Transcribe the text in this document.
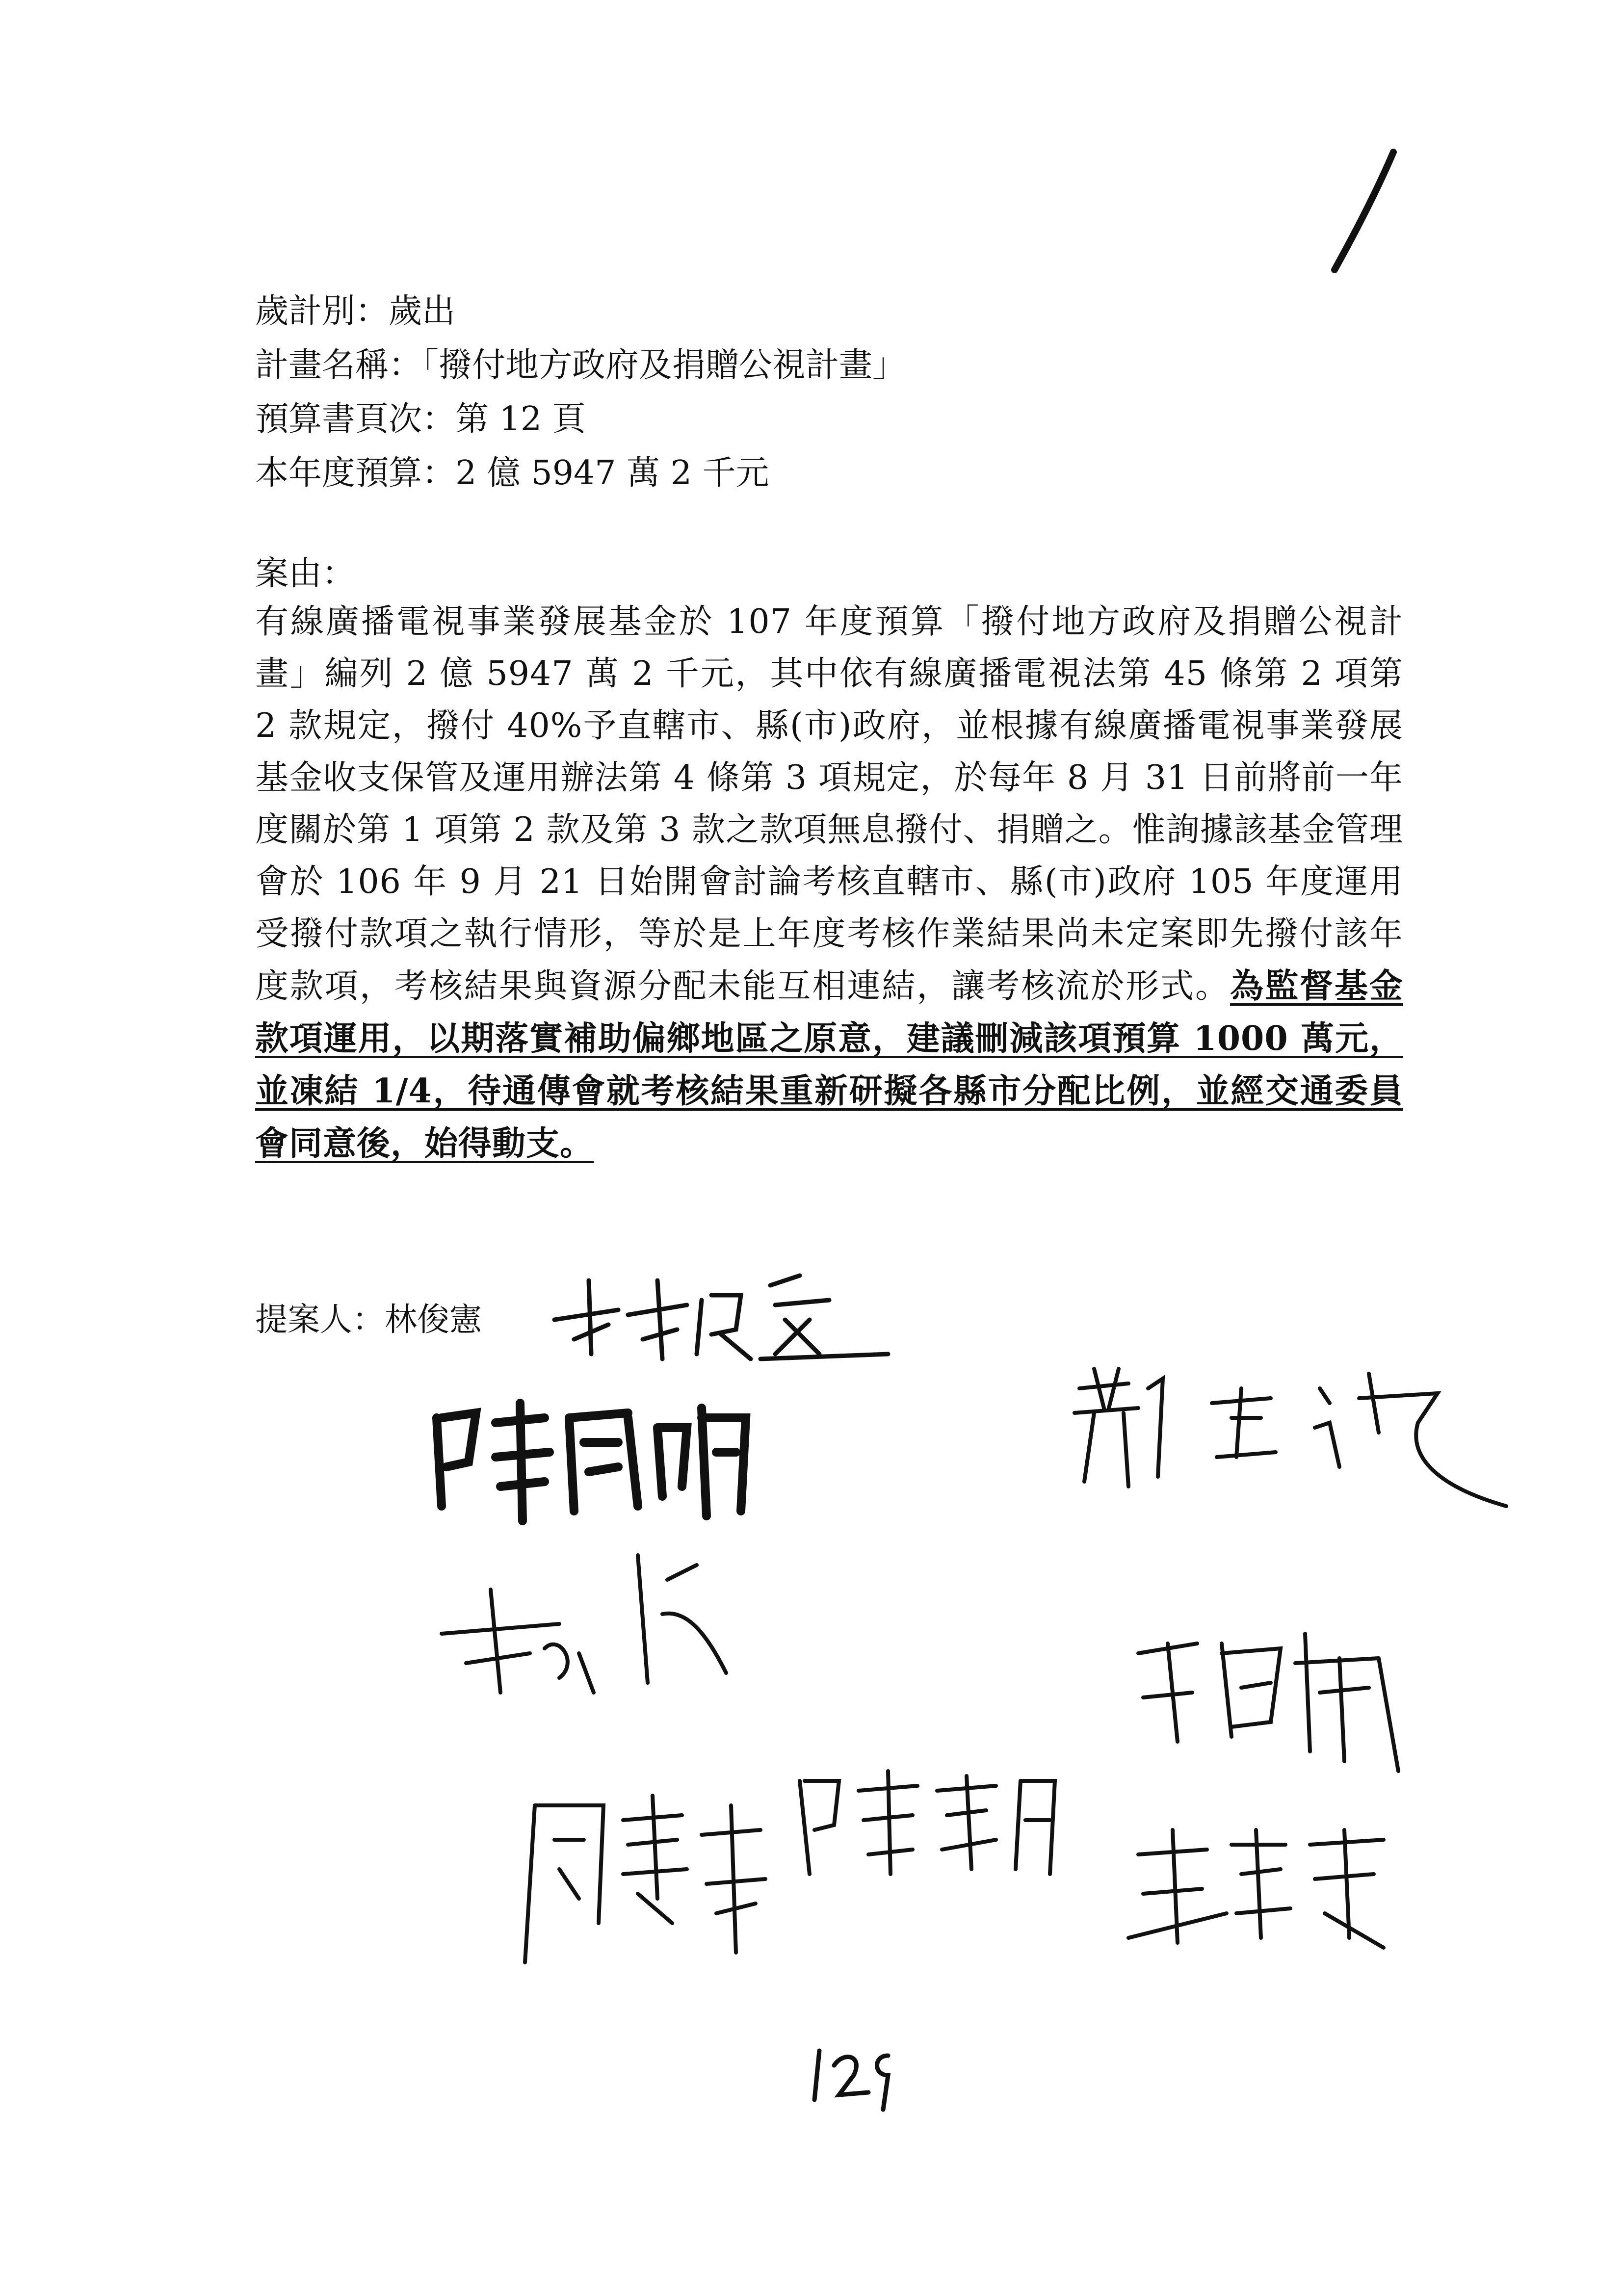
歲計別：歲出
計畫名稱：「撥付地方政府及捐贈公視計畫」
預算書頁次：第 12 頁
本年度預算：2 億 5947 萬 2 千元
案由：
有線廣播電視事業發展基金於 107 年度預算「撥付地方政府及捐贈公視計畫」編列 2 億 5947 萬 2 千元，其中依有線廣播電視法第 45 條第 2 項第 2 款規定，撥付 40%予直轄市、縣(市)政府，並根據有線廣播電視事業發展基金收支保管及運用辦法第 4 條第 3 項規定，於每年 8 月 31 日前將前一年度關於第 1 項第 2 款及第 3 款之款項無息撥付、捐贈之。惟詢據該基金管理會於 106 年 9 月 21 日始開會討論考核直轄市、縣(市)政府 105 年度運用受撥付款項之執行情形，等於是上年度考核作業結果尚未定案即先撥付該年度款項，考核結果與資源分配未能互相連結，讓考核流於形式。為監督基金款項運用，以期落實補助偏鄉地區之原意，建議刪減該項預算 1000 萬元，並凍結 1/4，待通傳會就考核結果重新研擬各縣市分配比例，並經交通委員會同意後，始得動支。
提案人：林俊憲
